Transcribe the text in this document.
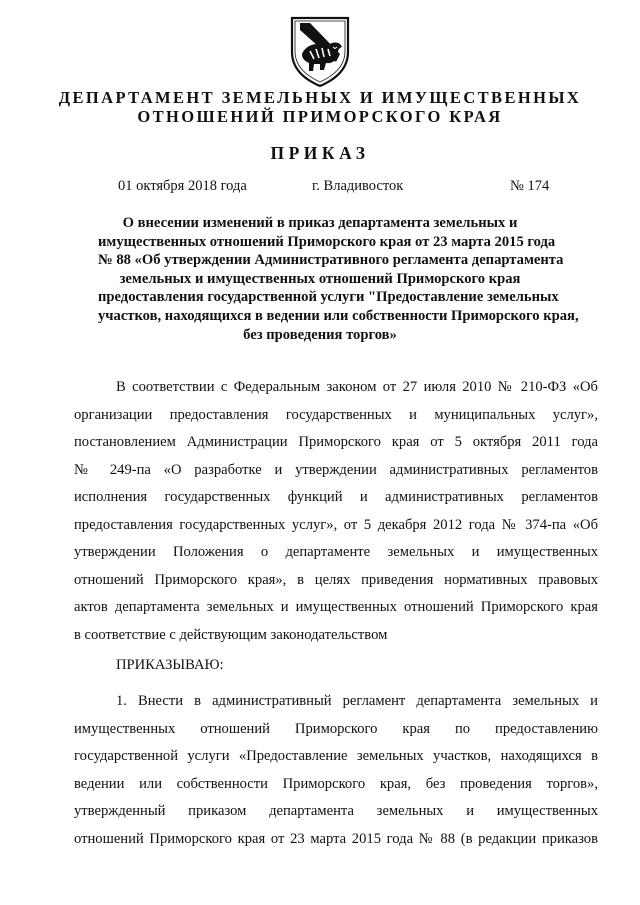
ДЕПАРТАМЕНТ ЗЕМЕЛЬНЫХ И ИМУЩЕСТВЕННЫХ
ОТНОШЕНИЙ ПРИМОРСКОГО КРАЯ
ПРИКАЗ
01 октября 2018 года	г. Владивосток	№ 174
О внесении изменений в приказ департамента земельных и
имущественных отношений Приморского края от 23 марта 2015 года
№ 88 «Об утверждении Административного регламента департамента
земельных и имущественных отношений Приморского края
предоставления государственной услуги "Предоставление земельных
участков, находящихся в ведении или собственности Приморского края,
без проведения торгов»
В соответствии с Федеральным законом от 27 июля 2010 № 210-ФЗ «Об
организации предоставления государственных и муниципальных услуг»,
постановлением Администрации Приморского края от 5 октября 2011 года
№ 249-па «О разработке и утверждении административных регламентов
исполнения государственных функций и административных регламентов
предоставления государственных услуг», от 5 декабря 2012 года № 374-па «Об
утверждении Положения о департаменте земельных и имущественных
отношений Приморского края», в целях приведения нормативных правовых
актов департамента земельных и имущественных отношений Приморского края
в соответствие с действующим законодательством
ПРИКАЗЫВАЮ:
1. Внести в административный регламент департамента земельных и
имущественных отношений Приморского края по предоставлению
государственной услуги «Предоставление земельных участков, находящихся в
ведении или собственности Приморского края, без проведения торгов»,
утвержденный приказом департамента земельных и имущественных
отношений Приморского края от 23 марта 2015 года № 88 (в редакции приказов
